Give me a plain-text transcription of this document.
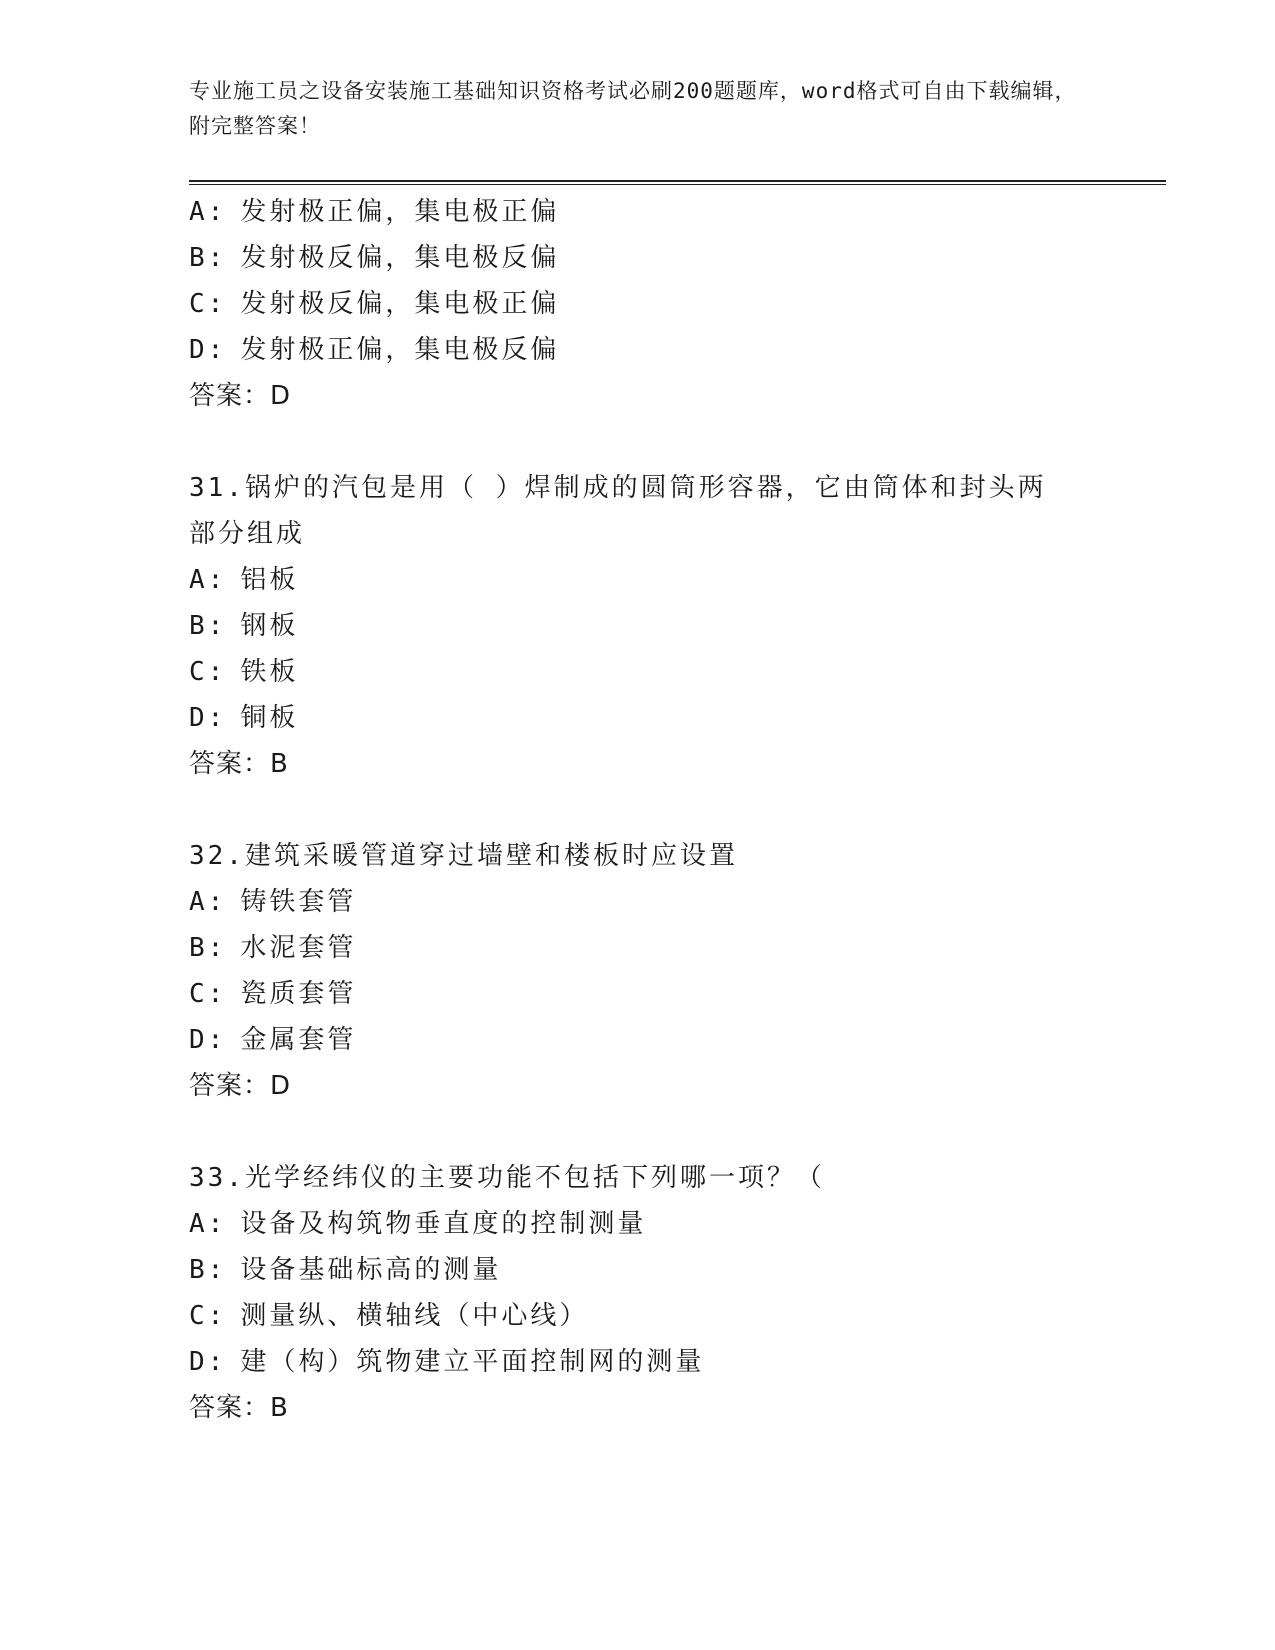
专业施工员之设备安装施工基础知识资格考试必刷200题题库，word格式可自由下载编辑，附完整答案！
A: 发射极正偏，集电极正偏
B: 发射极反偏，集电极反偏
C: 发射极反偏，集电极正偏
D: 发射极正偏，集电极反偏
答案：D
31.锅炉的汽包是用（ ）焊制成的圆筒形容器，它由筒体和封头两部分组成
A: 铝板
B: 钢板
C: 铁板
D: 铜板
答案：B
32.建筑采暖管道穿过墙壁和楼板时应设置
A: 铸铁套管
B: 水泥套管
C: 瓷质套管
D: 金属套管
答案：D
33.光学经纬仪的主要功能不包括下列哪一项？（
A: 设备及构筑物垂直度的控制测量
B: 设备基础标高的测量
C: 测量纵、横轴线（中心线）
D: 建（构）筑物建立平面控制网的测量
答案：B
